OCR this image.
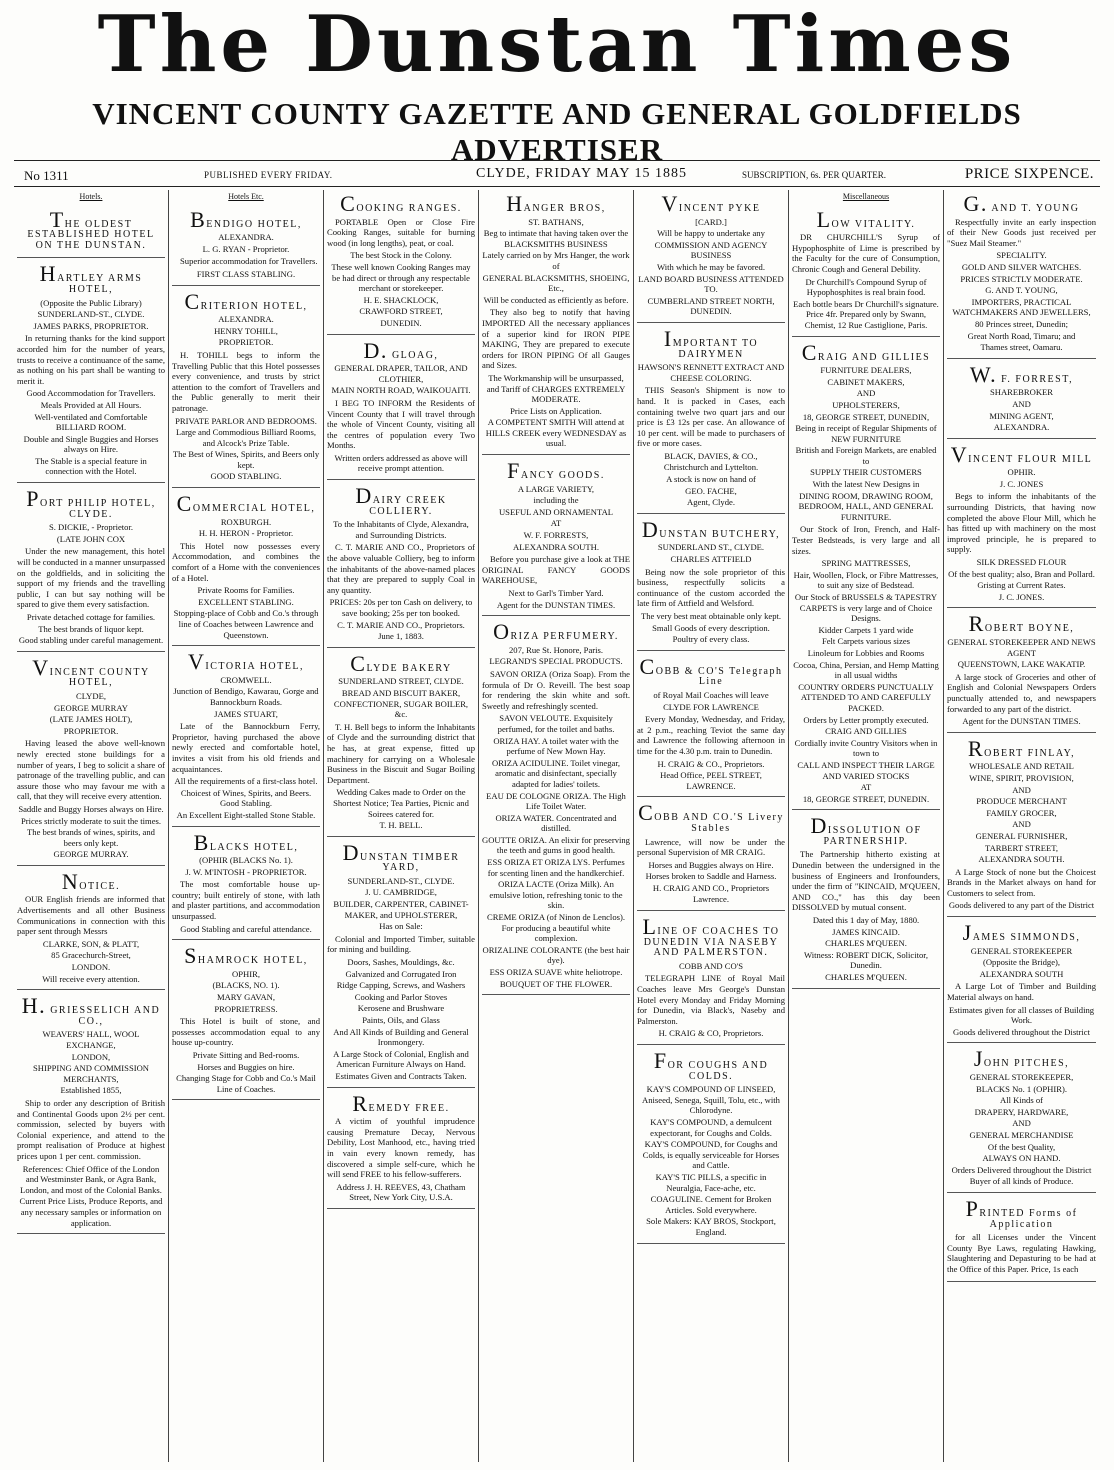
The Dunstan Times
VINCENT COUNTY GAZETTE AND GENERAL GOLDFIELDS ADVERTISER
No 1311	PUBLISHED EVERY FRIDAY.	CLYDE, FRIDAY MAY 15 1885	SUBSCRIPTION, 6s. PER QUARTER.	PRICE SIXPENCE.
Hotels.
THE OLDEST ESTABLISHED HOTEL ON THE DUNSTAN.
HARTLEY ARMS HOTEL,
(Opposite the Public Library)
SUNDERLAND-ST., CLYDE.
JAMES PARKS, PROPRIETOR.
In returning thanks for the kind support accorded him for the number of years, trusts to receive a continuance of the same, as nothing on his part shall be wanting to merit it.
Good Accommodation for Travellers.
Meals Provided at All Hours.
Well-ventilated and Comfortable BILLIARD ROOM.
Double and Single Buggies and Horses always on Hire.
The Stable is a special feature in connection with the Hotel.
PORT PHILIP HOTEL, CLYDE.
S. DICKIE, - Proprietor.
(LATE JOHN COX
Under the new management, this hotel will be conducted in a manner unsurpassed on the goldfields, and in soliciting the support of my friends and the travelling public, I can but say nothing will be spared to give them every satisfaction.
Private detached cottage for families.
The best brands of liquor kept.
Good stabling under careful management.
VINCENT COUNTY HOTEL,
CLYDE,
GEORGE MURRAY
(LATE JAMES HOLT),
PROPRIETOR.
Having leased the above well-known newly erected stone buildings for a number of years, I beg to solicit a share of patronage of the travelling public, and can assure those who may favour me with a call, that they will receive every attention.
Saddle and Buggy Horses always on Hire.
Prices strictly moderate to suit the times.
The best brands of wines, spirits, and beers only kept.
GEORGE MURRAY.
NOTICE.
OUR English friends are informed that Advertisements and all other Business Communications in connection with this paper sent through Messrs
CLARKE, SON, & PLATT,
85 Gracechurch-Street,
LONDON.
Will receive every attention.
H. GRIESSELICH AND CO.,
WEAVERS' HALL, WOOL EXCHANGE,
LONDON,
SHIPPING AND COMMISSION MERCHANTS,
Established 1855,
Ship to order any description of British and Continental Goods upon 2½ per cent. commission, selected by buyers with Colonial experience, and attend to the prompt realisation of Produce at highest prices upon 1 per cent. commission.
References: Chief Office of the London and Westminster Bank, or Agra Bank, London, and most of the Colonial Banks.
Current Price Lists, Produce Reports, and any necessary samples or information on application.
Hotels Etc.
BENDIGO HOTEL,
ALEXANDRA.
L. G. RYAN - Proprietor.
Superior accommodation for Travellers.
FIRST CLASS STABLING.
CRITERION HOTEL,
ALEXANDRA.
HENRY TOHILL,
PROPRIETOR.
H. TOHILL begs to inform the Travelling Public that this Hotel possesses every convenience, and trusts by strict attention to the comfort of Travellers and the Public generally to merit their patronage.
PRIVATE PARLOR AND BEDROOMS.
Large and Commodious Billiard Rooms, and Alcock's Prize Table.
The Best of Wines, Spirits, and Beers only kept.
GOOD STABLING.
COMMERCIAL HOTEL,
ROXBURGH.
H. H. HERON - Proprietor.
This Hotel now possesses every Accommodation, and combines the comfort of a Home with the conveniences of a Hotel.
Private Rooms for Families.
EXCELLENT STABLING.
Stopping-place of Cobb and Co.'s through line of Coaches between Lawrence and Queenstown.
VICTORIA HOTEL,
CROMWELL.
Junction of Bendigo, Kawarau, Gorge and Bannockburn Roads.
JAMES STUART,
Late of the Bannockburn Ferry, Proprietor, having purchased the above newly erected and comfortable hotel, invites a visit from his old friends and acquaintances.
All the requirements of a first-class hotel.
Choicest of Wines, Spirits, and Beers. Good Stabling.
An Excellent Eight-stalled Stone Stable.
BLACKS HOTEL,
(OPHIR (BLACKS No. 1).
J. W. M'INTOSH - PROPRIETOR.
The most comfortable house up-country; built entirely of stone, with lath and plaster partitions, and accommodation unsurpassed.
Good Stabling and careful attendance.
SHAMROCK HOTEL,
OPHIR,
(BLACKS, NO. 1).
MARY GAVAN,
PROPRIETRESS.
This Hotel is built of stone, and possesses accommodation equal to any house up-country.
Private Sitting and Bed-rooms.
Horses and Buggies on hire.
Changing Stage for Cobb and Co.'s Mail Line of Coaches.
COOKING RANGES.
PORTABLE Open or Close Fire Cooking Ranges, suitable for burning wood (in long lengths), peat, or coal.
The best Stock in the Colony.
These well known Cooking Ranges may be had direct or through any respectable merchant or storekeeper.
H. E. SHACKLOCK,
CRAWFORD STREET,
DUNEDIN.
D. GLOAG,
GENERAL DRAPER, TAILOR, AND CLOTHIER,
MAIN NORTH ROAD, WAIKOUAITI.
I BEG TO INFORM the Residents of Vincent County that I will travel through the whole of Vincent County, visiting all the centres of population every Two Months.
Written orders addressed as above will receive prompt attention.
DAIRY CREEK COLLIERY.
To the Inhabitants of Clyde, Alexandra, and Surrounding Districts.
C. T. MARIE AND CO., Proprietors of the above valuable Colliery, beg to inform the inhabitants of the above-named places that they are prepared to supply Coal in any quantity.
PRICES: 20s per ton Cash on delivery, to save booking; 25s per ton booked.
C. T. MARIE AND CO., Proprietors.
June 1, 1883.
CLYDE BAKERY
SUNDERLAND STREET, CLYDE.
BREAD AND BISCUIT BAKER, CONFECTIONER, SUGAR BOILER, &c.
T. H. Bell begs to inform the Inhabitants of Clyde and the surrounding district that he has, at great expense, fitted up machinery for carrying on a Wholesale Business in the Biscuit and Sugar Boiling Department.
Wedding Cakes made to Order on the Shortest Notice; Tea Parties, Picnic and Soirees catered for.
T. H. BELL.
DUNSTAN TIMBER YARD,
SUNDERLAND-ST., CLYDE.
J. U. CAMBRIDGE,
BUILDER, CARPENTER, CABINET-MAKER, and UPHOLSTERER,
Has on Sale:
Colonial and Imported Timber, suitable for mining and building.
Doors, Sashes, Mouldings, &c.
Galvanized and Corrugated Iron
Ridge Capping, Screws, and Washers
Cooking and Parlor Stoves
Kerosene and Brushware
Paints, Oils, and Glass
And All Kinds of Building and General Ironmongery.
A Large Stock of Colonial, English and American Furniture Always on Hand.
Estimates Given and Contracts Taken.
REMEDY FREE.
A victim of youthful imprudence causing Premature Decay, Nervous Debility, Lost Manhood, etc., having tried in vain every known remedy, has discovered a simple self-cure, which he will send FREE to his fellow-sufferers.
Address J. H. REEVES, 43, Chatham Street, New York City, U.S.A.
HANGER BROS,
ST. BATHANS,
Beg to intimate that having taken over the BLACKSMITHS BUSINESS
Lately carried on by Mrs Hanger, the work of
GENERAL BLACKSMITHS, SHOEING, Etc.,
Will be conducted as efficiently as before.
They also beg to notify that having IMPORTED All the necessary appliances of a superior kind for IRON PIPE MAKING, They are prepared to execute orders for IRON PIPING Of all Gauges and Sizes.
The Workmanship will be unsurpassed, and Tariff of CHARGES EXTREMELY MODERATE.
Price Lists on Application.
A COMPETENT SMITH Will attend at HILLS CREEK every WEDNESDAY as usual.
FANCY GOODS.
A LARGE VARIETY,
including the
USEFUL AND ORNAMENTAL
AT
W. F. FORRESTS,
ALEXANDRA SOUTH.
Before you purchase give a look at THE ORIGINAL FANCY GOODS WAREHOUSE,
Next to Garl's Timber Yard.
Agent for the DUNSTAN TIMES.
ORIZA PERFUMERY.
207, Rue St. Honore, Paris.
LEGRAND'S SPECIAL PRODUCTS.
SAVON ORIZA (Oriza Soap). From the formula of Dr O. Reveill. The best soap for rendering the skin white and soft. Sweetly and refreshingly scented.
SAVON VELOUTE. Exquisitely perfumed, for the toilet and baths.
ORIZA HAY. A toilet water with the perfume of New Mown Hay.
ORIZA ACIDULINE. Toilet vinegar, aromatic and disinfectant, specially adapted for ladies' toilets.
EAU DE COLOGNE ORIZA. The High Life Toilet Water.
ORIZA WATER. Concentrated and distilled.
GOUTTE ORIZA. An elixir for preserving the teeth and gums in good health.
ESS ORIZA ET ORIZA LYS. Perfumes for scenting linen and the handkerchief.
ORIZA LACTE (Oriza Milk). An emulsive lotion, refreshing tonic to the skin.
CREME ORIZA (of Ninon de Lenclos). For producing a beautiful white complexion.
ORIZALINE COLORANTE (the best hair dye).
ESS ORIZA SUAVE white heliotrope.
BOUQUET OF THE FLOWER.
VINCENT PYKE
[CARD.]
Will be happy to undertake any
COMMISSION AND AGENCY BUSINESS
With which he may be favored.
LAND BOARD BUSINESS ATTENDED TO.
CUMBERLAND STREET NORTH, DUNEDIN.
IMPORTANT TO DAIRYMEN
HAWSON'S RENNETT EXTRACT AND CHEESE COLORING.
THIS Season's Shipment is now to hand. It is packed in Cases, each containing twelve two quart jars and our price is £3 12s per case. An allowance of 10 per cent. will be made to purchasers of five or more cases.
BLACK, DAVIES, & CO.,
Christchurch and Lyttelton.
A stock is now on hand of
GEO. FACHE,
Agent, Clyde.
DUNSTAN BUTCHERY,
SUNDERLAND ST., CLYDE.
CHARLES ATTFIELD
Being now the sole proprietor of this business, respectfully solicits a continuance of the custom accorded the late firm of Attfield and Welsford.
The very best meat obtainable only kept.
Small Goods of every description.
Poultry of every class.
COBB & CO'S Telegraph Line
of Royal Mail Coaches will leave
CLYDE FOR LAWRENCE
Every Monday, Wednesday, and Friday, at 2 p.m., reaching Teviot the same day and Lawrence the following afternoon in time for the 4.30 p.m. train to Dunedin.
H. CRAIG & CO., Proprietors.
Head Office, PEEL STREET, LAWRENCE.
COBB AND CO.'S Livery Stables
Lawrence, will now be under the personal Supervision of MR CRAIG.
Horses and Buggies always on Hire.
Horses broken to Saddle and Harness.
H. CRAIG AND CO., Proprietors
Lawrence.
LINE OF COACHES TO DUNEDIN VIA NASEBY AND PALMERSTON.
COBB AND CO'S
TELEGRAPH LINE of Royal Mail Coaches leave Mrs George's Dunstan Hotel every Monday and Friday Morning for Dunedin, via Black's, Naseby and Palmerston.
H. CRAIG & CO, Proprietors.
FOR COUGHS AND COLDS.
KAY'S COMPOUND OF LINSEED, Aniseed, Senega, Squill, Tolu, etc., with Chlorodyne.
KAY'S COMPOUND, a demulcent expectorant, for Coughs and Colds.
KAY'S COMPOUND, for Coughs and Colds, is equally serviceable for Horses and Cattle.
KAY'S TIC PILLS, a specific in Neuralgia, Face-ache, etc.
COAGULINE. Cement for Broken Articles. Sold everywhere.
Sole Makers: KAY BROS, Stockport, England.
Miscellaneous
LOW VITALITY.
DR CHURCHILL'S Syrup of Hypophosphite of Lime is prescribed by the Faculty for the cure of Consumption, Chronic Cough and General Debility.
Dr Churchill's Compound Syrup of Hypophosphites is real brain food.
Each bottle bears Dr Churchill's signature. Price 4fr. Prepared only by Swann, Chemist, 12 Rue Castiglione, Paris.
CRAIG AND GILLIES
FURNITURE DEALERS,
CABINET MAKERS,
AND
UPHOLSTERERS,
18, GEORGE STREET, DUNEDIN,
Being in receipt of Regular Shipments of NEW FURNITURE
British and Foreign Markets, are enabled to
SUPPLY THEIR CUSTOMERS
With the latest New Designs in
DINING ROOM, DRAWING ROOM, BEDROOM, HALL, AND GENERAL FURNITURE.
Our Stock of Iron, French, and Half-Tester Bedsteads, is very large and all sizes.
SPRING MATTRESSES,
Hair, Woollen, Flock, or Fibre Mattresses, to suit any size of Bedstead.
Our Stock of BRUSSELS & TAPESTRY CARPETS is very large and of Choice Designs.
Kidder Carpets 1 yard wide
Felt Carpets various sizes
Linoleum for Lobbies and Rooms
Cocoa, China, Persian, and Hemp Matting in all usual widths
COUNTRY ORDERS PUNCTUALLY ATTENDED TO AND CAREFULLY PACKED.
Orders by Letter promptly executed.
CRAIG AND GILLIES
Cordially invite Country Visitors when in town to
CALL AND INSPECT THEIR LARGE AND VARIED STOCKS
AT
18, GEORGE STREET, DUNEDIN.
DISSOLUTION OF PARTNERSHIP.
The Partnership hitherto existing at Dunedin between the undersigned in the business of Engineers and Ironfounders, under the firm of "KINCAID, M'QUEEN, AND CO.," has this day been DISSOLVED by mutual consent.
Dated this 1 day of May, 1880.
JAMES KINCAID.
CHARLES M'QUEEN.
Witness: ROBERT DICK, Solicitor, Dunedin.
CHARLES M'QUEEN.
G. AND T. YOUNG
Respectfully invite an early inspection of their New Goods just received per "Suez Mail Steamer."
SPECIALITY.
GOLD AND SILVER WATCHES.
PRICES STRICTLY MODERATE.
G. AND T. YOUNG,
IMPORTERS, PRACTICAL WATCHMAKERS AND JEWELLERS,
80 Princes street, Dunedin;
Great North Road, Timaru; and
Thames street, Oamaru.
W. F. FORREST,
SHAREBROKER
AND
MINING AGENT,
ALEXANDRA.
VINCENT FLOUR MILL
OPHIR.
J. C. JONES
Begs to inform the inhabitants of the surrounding Districts, that having now completed the above Flour Mill, which he has fitted up with machinery on the most improved principle, he is prepared to supply.
SILK DRESSED FLOUR
Of the best quality; also, Bran and Pollard.
Gristing at Current Rates.
J. C. JONES.
ROBERT BOYNE,
GENERAL STOREKEEPER AND NEWS AGENT
QUEENSTOWN, LAKE WAKATIP.
A large stock of Groceries and other of English and Colonial Newspapers Orders punctually attended to, and newspapers forwarded to any part of the district.
Agent for the DUNSTAN TIMES.
ROBERT FINLAY,
WHOLESALE AND RETAIL
WINE, SPIRIT, PROVISION,
AND
PRODUCE MERCHANT
FAMILY GROCER,
AND
GENERAL FURNISHER,
TARBERT STREET,
ALEXANDRA SOUTH.
A Large Stock of none but the Choicest Brands in the Market always on hand for Customers to select from.
Goods delivered to any part of the District
JAMES SIMMONDS,
GENERAL STOREKEEPER
(Opposite the Bridge),
ALEXANDRA SOUTH
A Large Lot of Timber and Building Material always on hand.
Estimates given for all classes of Building Work.
Goods delivered throughout the District
JOHN PITCHES,
GENERAL STOREKEEPER,
BLACKS No. 1 (OPHIR).
All Kinds of
DRAPERY, HARDWARE,
AND
GENERAL MERCHANDISE
Of the best Quality,
ALWAYS ON HAND.
Orders Delivered throughout the District
Buyer of all kinds of Produce.
PRINTED Forms of Application
for all Licenses under the Vincent County Bye Laws, regulating Hawking, Slaughtering and Depasturing to be had at the Office of this Paper. Price, 1s each
